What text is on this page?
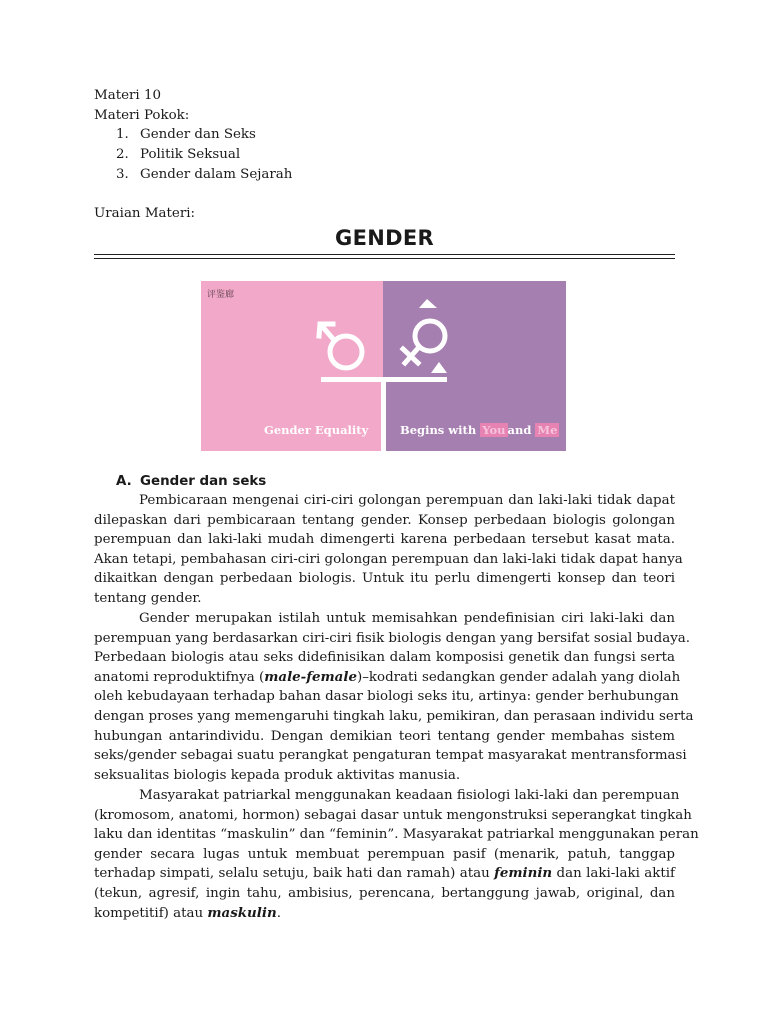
Materi 10
Materi Pokok:
1. Gender dan Seks
2. Politik Seksual
3. Gender dalam Sejarah
Uraian Materi:
GENDER
评鉴廊
Gender Equality	Begins with You and Me
A. Gender dan seks
Pembicaraan mengenai ciri-ciri golongan perempuan dan laki-laki tidak dapat
dilepaskan dari pembicaraan tentang gender. Konsep perbedaan biologis golongan
perempuan dan laki-laki mudah dimengerti karena perbedaan tersebut kasat mata.
Akan tetapi, pembahasan ciri-ciri golongan perempuan dan laki-laki tidak dapat hanya
dikaitkan dengan perbedaan biologis. Untuk itu perlu dimengerti konsep dan teori
tentang gender.
Gender merupakan istilah untuk memisahkan pendefinisian ciri laki-laki dan
perempuan yang berdasarkan ciri-ciri fisik biologis dengan yang bersifat sosial budaya.
Perbedaan biologis atau seks didefinisikan dalam komposisi genetik dan fungsi serta
anatomi reproduktifnya (male-female)–kodrati sedangkan gender adalah yang diolah
oleh kebudayaan terhadap bahan dasar biologi seks itu, artinya: gender berhubungan
dengan proses yang memengaruhi tingkah laku, pemikiran, dan perasaan individu serta
hubungan antarindividu. Dengan demikian teori tentang gender membahas sistem
seks/gender sebagai suatu perangkat pengaturan tempat masyarakat mentransformasi
seksualitas biologis kepada produk aktivitas manusia.
Masyarakat patriarkal menggunakan keadaan fisiologi laki-laki dan perempuan
(kromosom, anatomi, hormon) sebagai dasar untuk mengonstruksi seperangkat tingkah
laku dan identitas “maskulin” dan “feminin”. Masyarakat patriarkal menggunakan peran
gender secara lugas untuk membuat perempuan pasif (menarik, patuh, tanggap
terhadap simpati, selalu setuju, baik hati dan ramah) atau feminin dan laki-laki aktif
(tekun, agresif, ingin tahu, ambisius, perencana, bertanggung jawab, original, dan
kompetitif) atau maskulin.
